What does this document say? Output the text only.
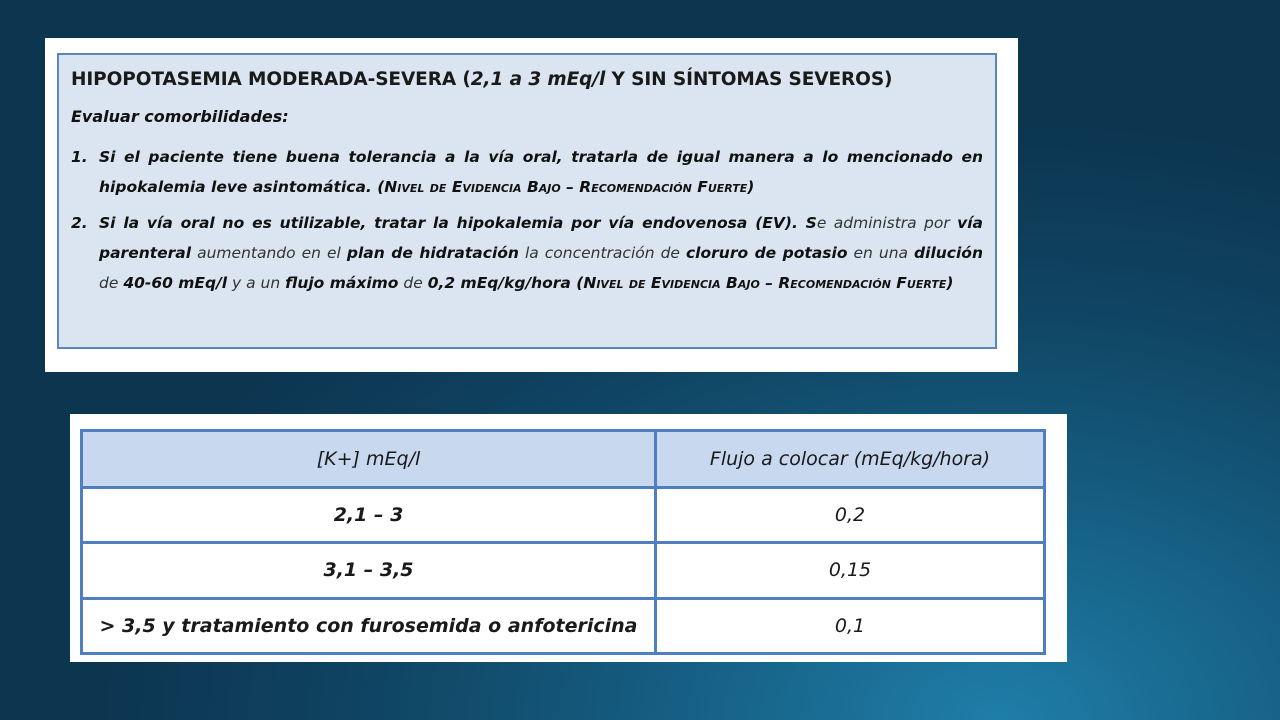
HIPOPOTASEMIA MODERADA-SEVERA (2,1 a 3 mEq/l Y SIN SÍNTOMAS SEVEROS)
Evaluar comorbilidades:
1. Si el paciente tiene buena tolerancia a la vía oral, tratarla de igual manera a lo mencionado en hipokalemia leve asintomática. (Nivel de Evidencia Bajo – Recomendación Fuerte)
2. Si la vía oral no es utilizable, tratar la hipokalemia por vía endovenosa (EV). Se administra por vía parenteral aumentando en el plan de hidratación la concentración de cloruro de potasio en una dilución de 40-60 mEq/l y a un flujo máximo de 0,2 mEq/kg/hora (Nivel de Evidencia Bajo – Recomendación Fuerte)
[K+] mEq/l	Flujo a colocar (mEq/kg/hora)
2,1 – 3	0,2
3,1 – 3,5	0,15
> 3,5 y tratamiento con furosemida o anfotericina	0,1
